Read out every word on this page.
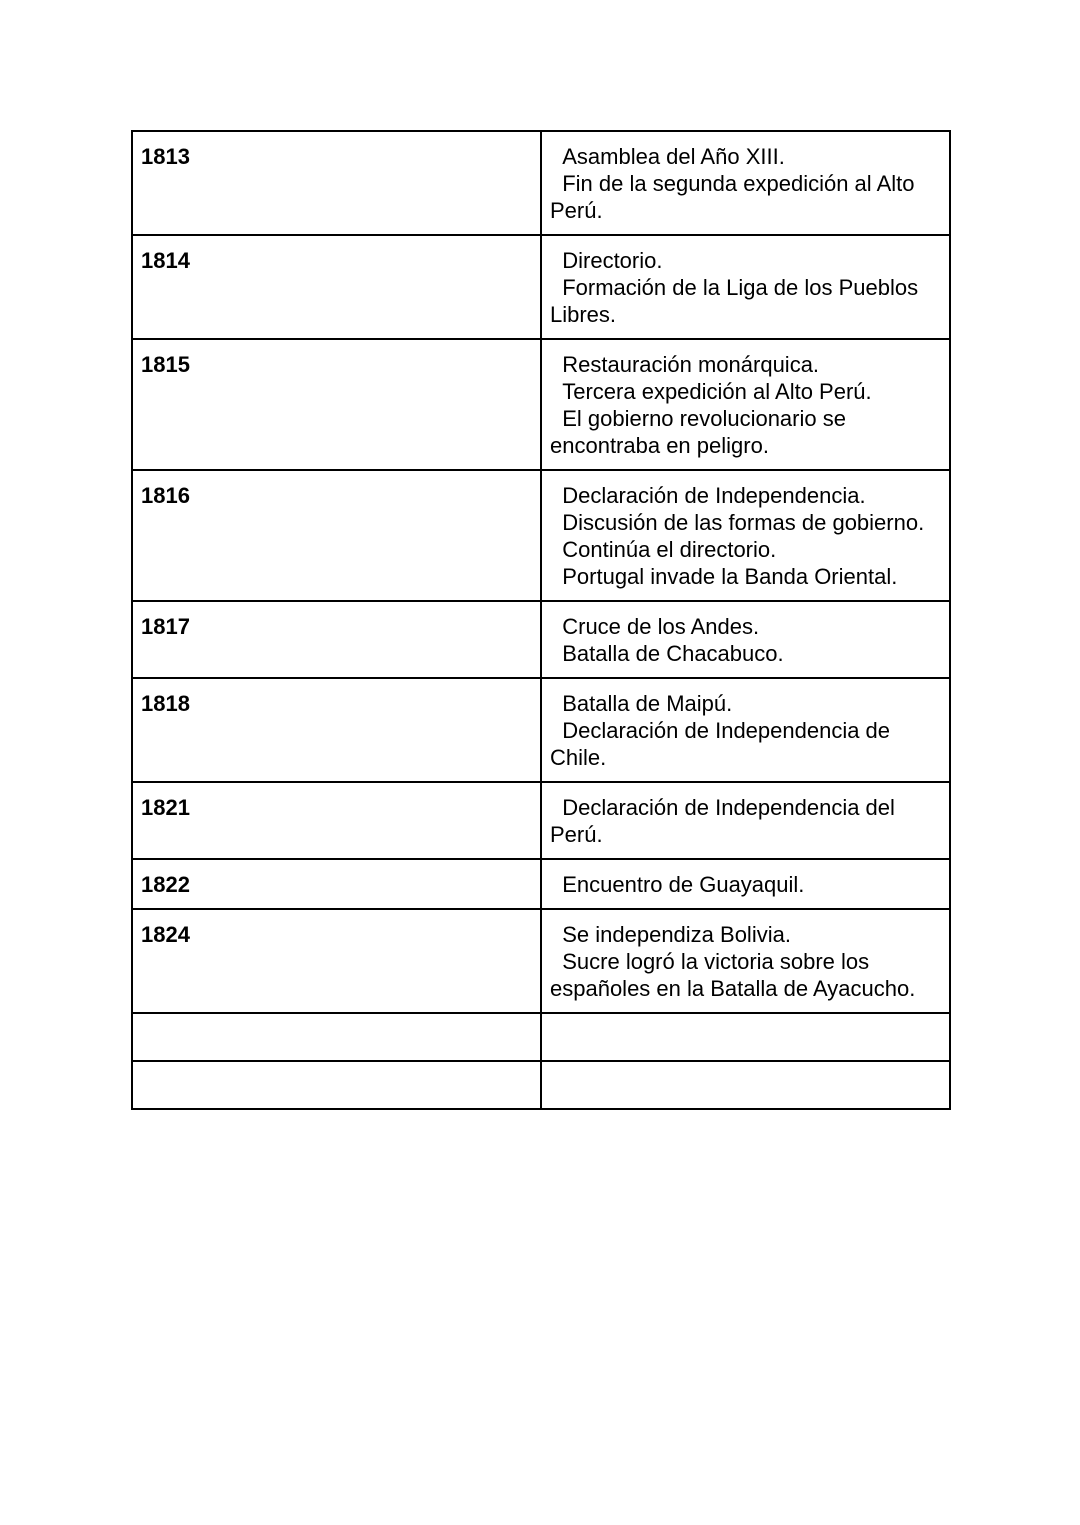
1813	Asamblea del Año XIII.
Fin de la segunda expedición al Alto Perú.
1814	Directorio.
Formación de la Liga de los Pueblos Libres.
1815	Restauración monárquica.
Tercera expedición al Alto Perú.
El gobierno revolucionario se encontraba en peligro.
1816	Declaración de Independencia.
Discusión de las formas de gobierno.
Continúa el directorio.
Portugal invade la Banda Oriental.
1817	Cruce de los Andes.
Batalla de Chacabuco.
1818	Batalla de Maipú.
Declaración de Independencia de Chile.
1821	Declaración de Independencia del Perú.
1822	Encuentro de Guayaquil.
1824	Se independiza Bolivia.
Sucre logró la victoria sobre los españoles en la Batalla de Ayacucho.
